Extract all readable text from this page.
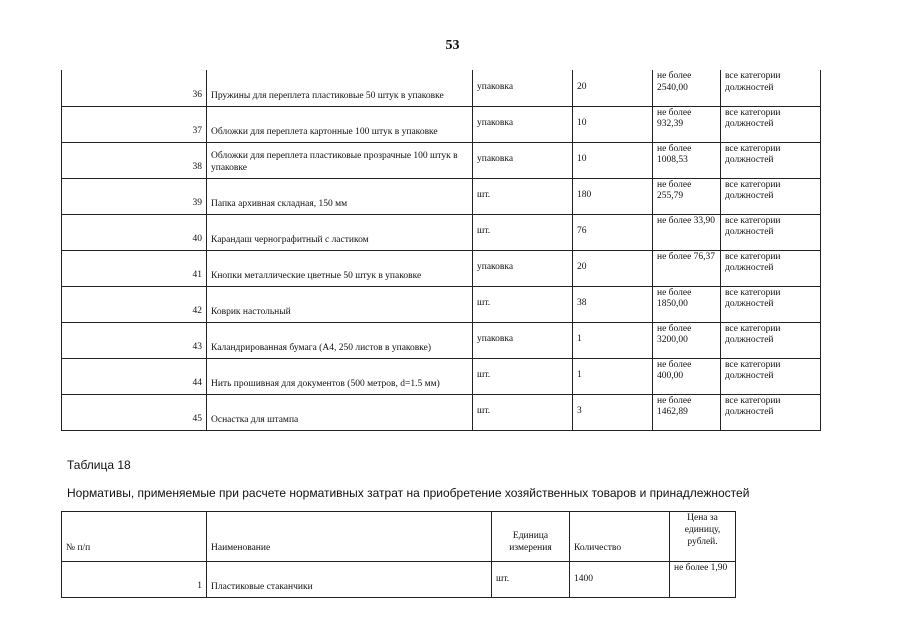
53
36	Пружины для переплета пластиковые 50 штук в упаковке	упаковка	20	не более 2540,00	все категории должностей
37	Обложки для переплета картонные 100 штук в упаковке	упаковка	10	не более 932,39	все категории должностей
38	Обложки для переплета пластиковые прозрачные 100 штук в упаковке	упаковка	10	не более 1008,53	все категории должностей
39	Папка архивная складная, 150 мм	шт.	180	не более 255,79	все категории должностей
40	Карандаш чернографитный с ластиком	шт.	76	не более 33,90	все категории должностей
41	Кнопки металлические цветные 50 штук в упаковке	упаковка	20	не более 76,37	все категории должностей
42	Коврик настольный	шт.	38	не более 1850,00	все категории должностей
43	Каландрированная бумага (А4, 250 листов в упаковке)	упаковка	1	не более 3200,00	все категории должностей
44	Нить прошивная для документов (500 метров, d=1.5 мм)	шт.	1	не более 400,00	все категории должностей
45	Оснастка для штампа	шт.	3	не более 1462,89	все категории должностей
Таблица 18
Нормативы, применяемые при расчете нормативных затрат на приобретение хозяйственных товаров и принадлежностей
№ п/п	Наименование	Единица измерения	Количество	Цена за единицу, рублей.
1	Пластиковые стаканчики	шт.	1400	не более 1,90
